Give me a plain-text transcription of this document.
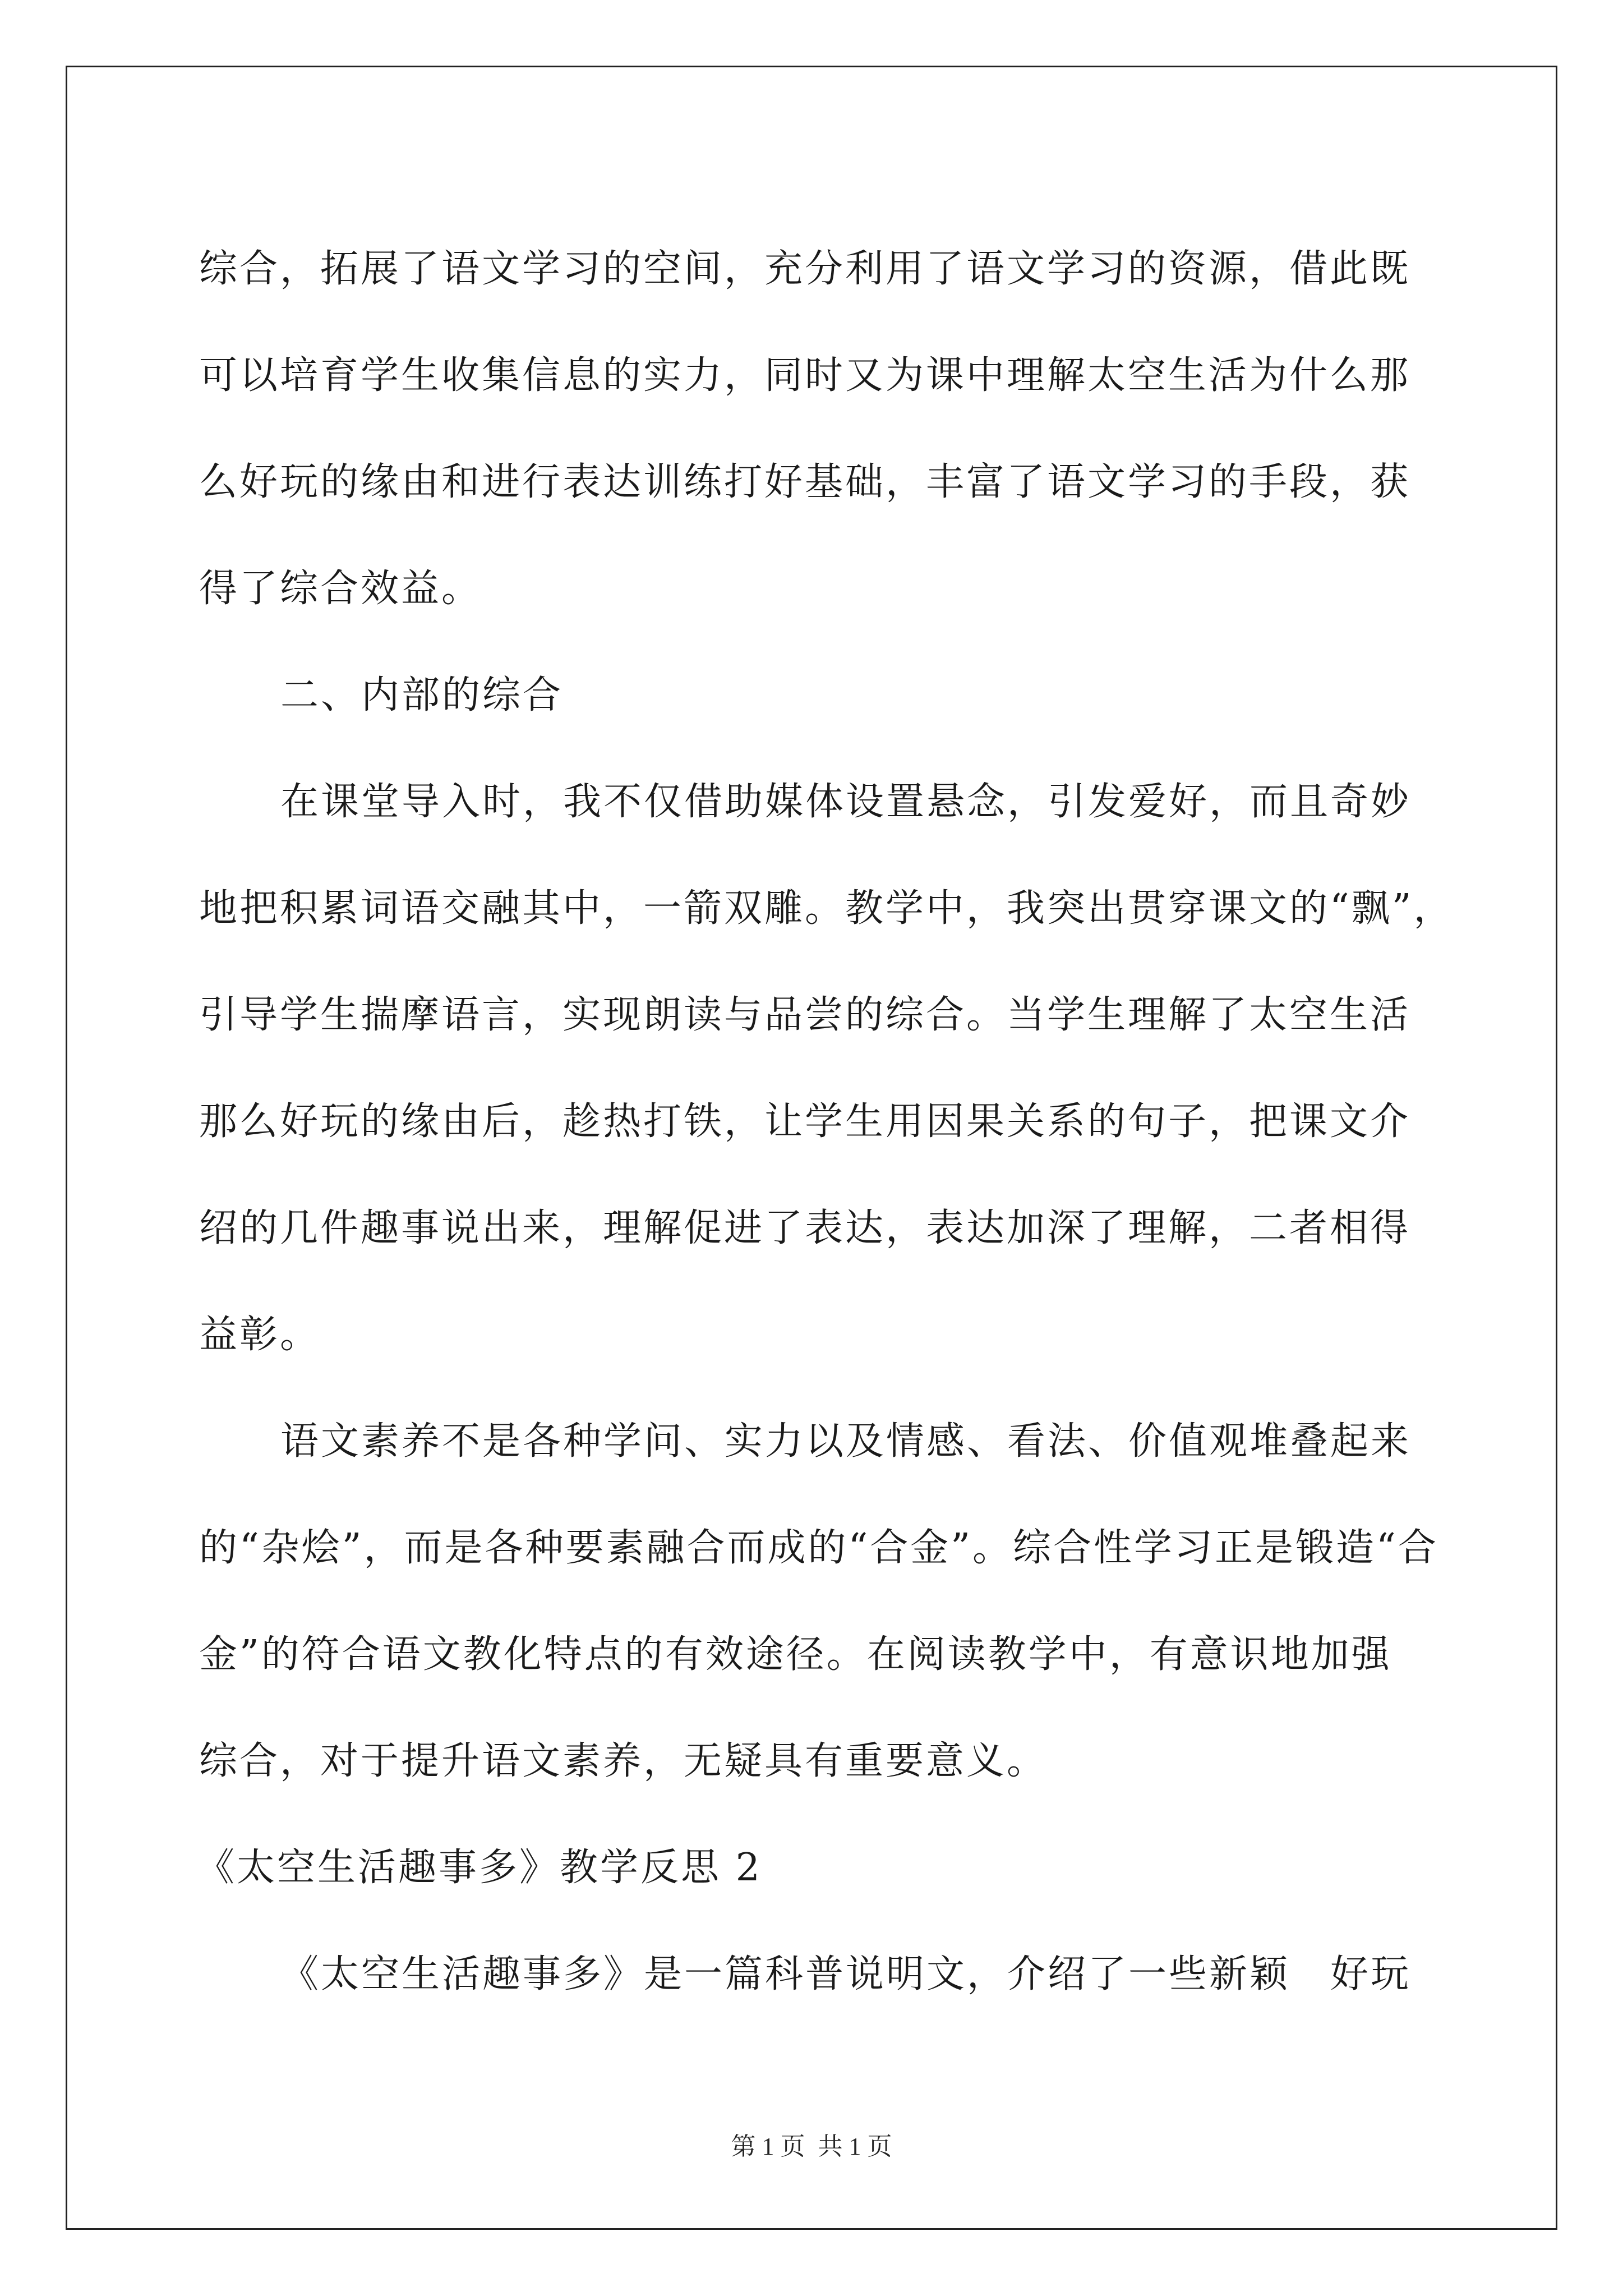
综合，拓展了语文学习的空间，充分利用了语文学习的资源，借此既
可以培育学生收集信息的实力，同时又为课中理解太空生活为什么那
么好玩的缘由和进行表达训练打好基础，丰富了语文学习的手段，获
得了综合效益。
二、内部的综合
在课堂导入时，我不仅借助媒体设置悬念，引发爱好，而且奇妙
地把积累词语交融其中，一箭双雕。教学中，我突出贯穿课文的“飘”，
引导学生揣摩语言，实现朗读与品尝的综合。当学生理解了太空生活
那么好玩的缘由后，趁热打铁，让学生用因果关系的句子，把课文介
绍的几件趣事说出来，理解促进了表达，表达加深了理解，二者相得
益彰。
语文素养不是各种学问、实力以及情感、看法、价值观堆叠起来
的“杂烩”，而是各种要素融合而成的“合金”。综合性学习正是锻造“合
金”的符合语文教化特点的有效途径。在阅读教学中，有意识地加强
综合，对于提升语文素养，无疑具有重要意义。
《太空生活趣事多》教学反思 2
《太空生活趣事多》是一篇科普说明文，介绍了一些新颖　好玩
第 1 页 共 1 页
